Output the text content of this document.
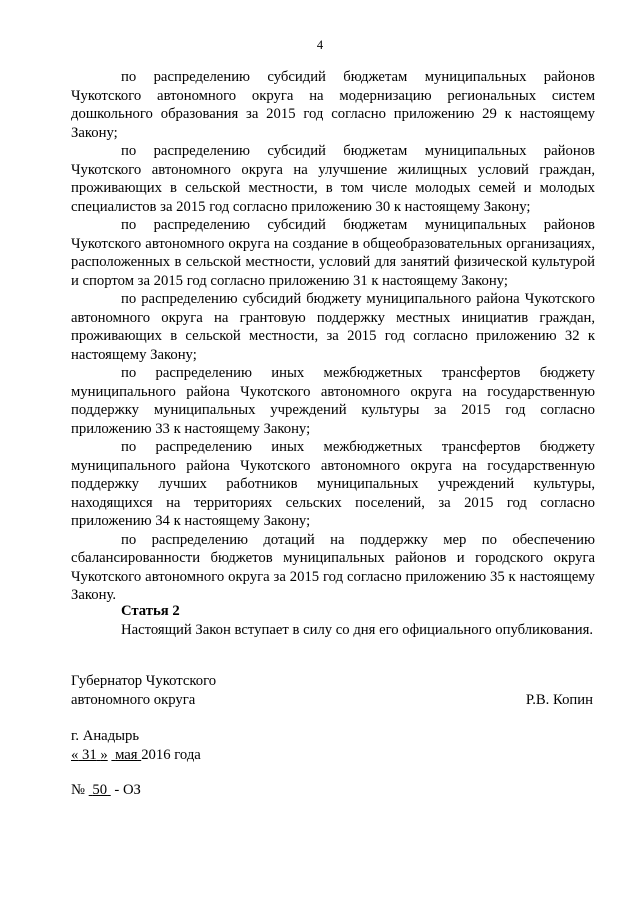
4

по распределению субсидий бюджетам муниципальных районов Чукотского автономного округа на модернизацию региональных систем дошкольного образования за 2015 год согласно приложению 29 к настоящему Закону;

по распределению субсидий бюджетам муниципальных районов Чукотского автономного округа на улучшение жилищных условий граждан, проживающих в сельской местности, в том числе молодых семей и молодых специалистов за 2015 год согласно приложению 30 к настоящему Закону;

по распределению субсидий бюджетам муниципальных районов Чукотского автономного округа на создание в общеобразовательных организациях, расположенных в сельской местности, условий для занятий физической культурой и спортом за 2015 год согласно приложению 31 к настоящему Закону;

по распределению субсидий бюджету муниципального района Чукотского автономного округа на грантовую поддержку местных инициатив граждан, проживающих в сельской местности, за 2015 год согласно приложению 32 к настоящему Закону;

по распределению иных межбюджетных трансфертов бюджету муниципального района Чукотского автономного округа на государственную поддержку муниципальных учреждений культуры за 2015 год согласно приложению 33 к настоящему Закону;

по распределению иных межбюджетных трансфертов бюджету муниципального района Чукотского автономного округа на государственную поддержку лучших работников муниципальных учреждений культуры, находящихся на территориях сельских поселений, за 2015 год согласно приложению 34 к настоящему Закону;

по распределению дотаций на поддержку мер по обеспечению сбалансированности бюджетов муниципальных районов и городского округа Чукотского автономного округа за 2015 год согласно приложению 35 к настоящему Закону.

Статья 2

Настоящий Закон вступает в силу со дня его официального опубликования.

Губернатор Чукотского
автономного округа	Р.В. Копин
г. Анадырь
« 31 » мая 2016 года
№ 50 - ОЗ
